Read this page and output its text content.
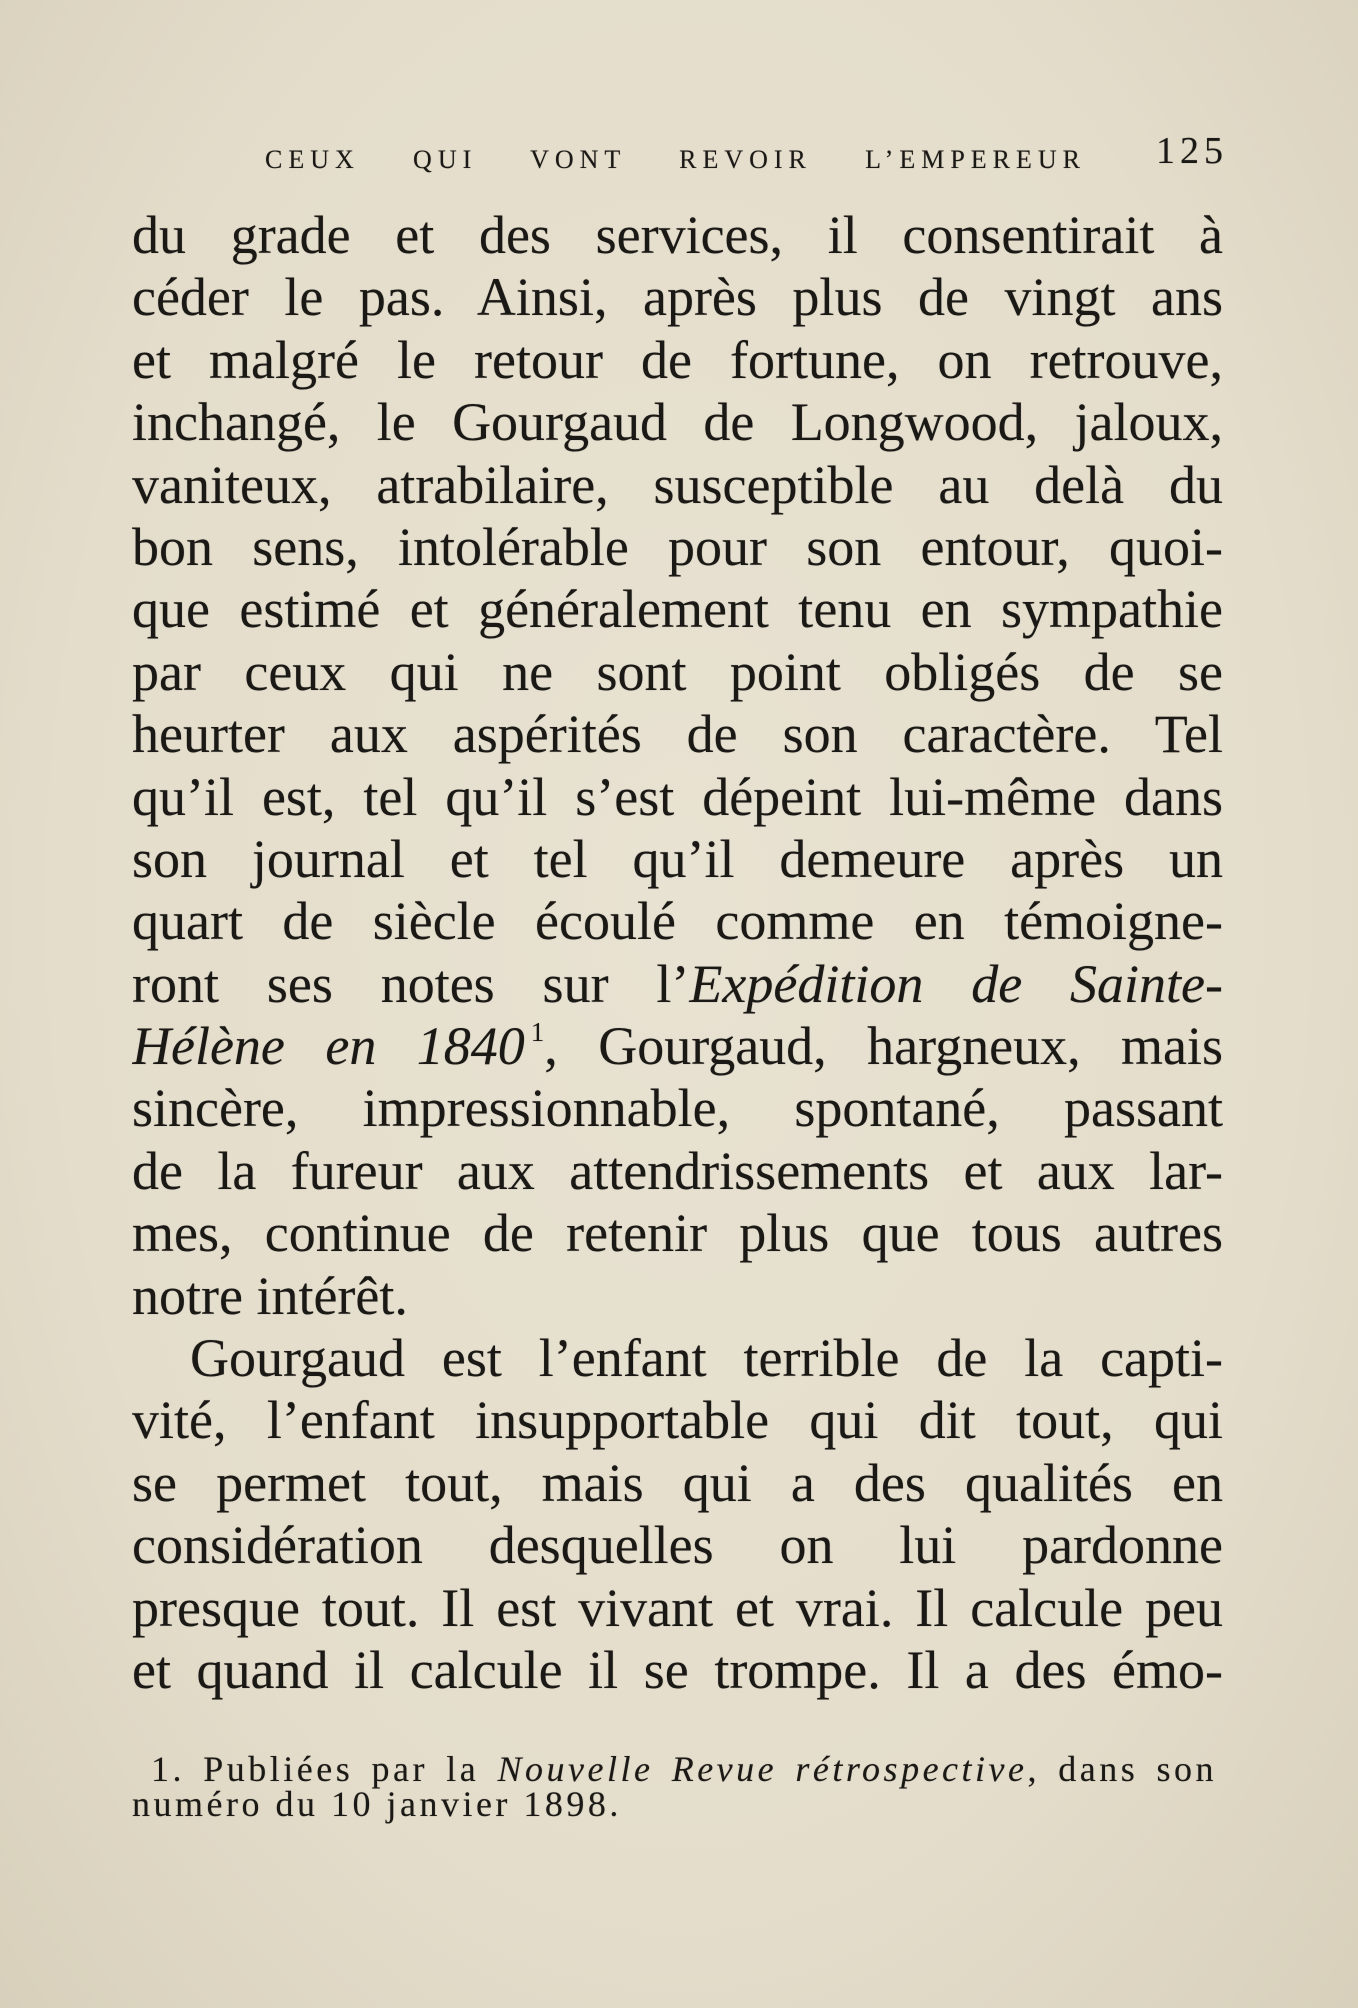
CEUX QUI VONT REVOIR L’EMPEREUR 125
du grade et des services, il consentirait à
céder le pas. Ainsi, après plus de vingt ans
et malgré le retour de fortune, on retrouve,
inchangé, le Gourgaud de Longwood, jaloux,
vaniteux, atrabilaire, susceptible au delà du
bon sens, intolérable pour son entour, quoi-
que estimé et généralement tenu en sympathie
par ceux qui ne sont point obligés de se
heurter aux aspérités de son caractère. Tel
qu’il est, tel qu’il s’est dépeint lui-même dans
son journal et tel qu’il demeure après un
quart de siècle écoulé comme en témoigne-
ront ses notes sur l’Expédition de Sainte-
Hélène en 1840 $^1$, Gourgaud, hargneux, mais
sincère, impressionnable, spontané, passant
de la fureur aux attendrissements et aux lar-
mes, continue de retenir plus que tous autres
notre intérêt.
Gourgaud est l’enfant terrible de la capti-
vité, l’enfant insupportable qui dit tout, qui
se permet tout, mais qui a des qualités en
considération desquelles on lui pardonne
presque tout. Il est vivant et vrai. Il calcule peu
et quand il calcule il se trompe. Il a des émo-
1. Publiées par la Nouvelle Revue rétrospective, dans son
numéro du 10 janvier 1898.
